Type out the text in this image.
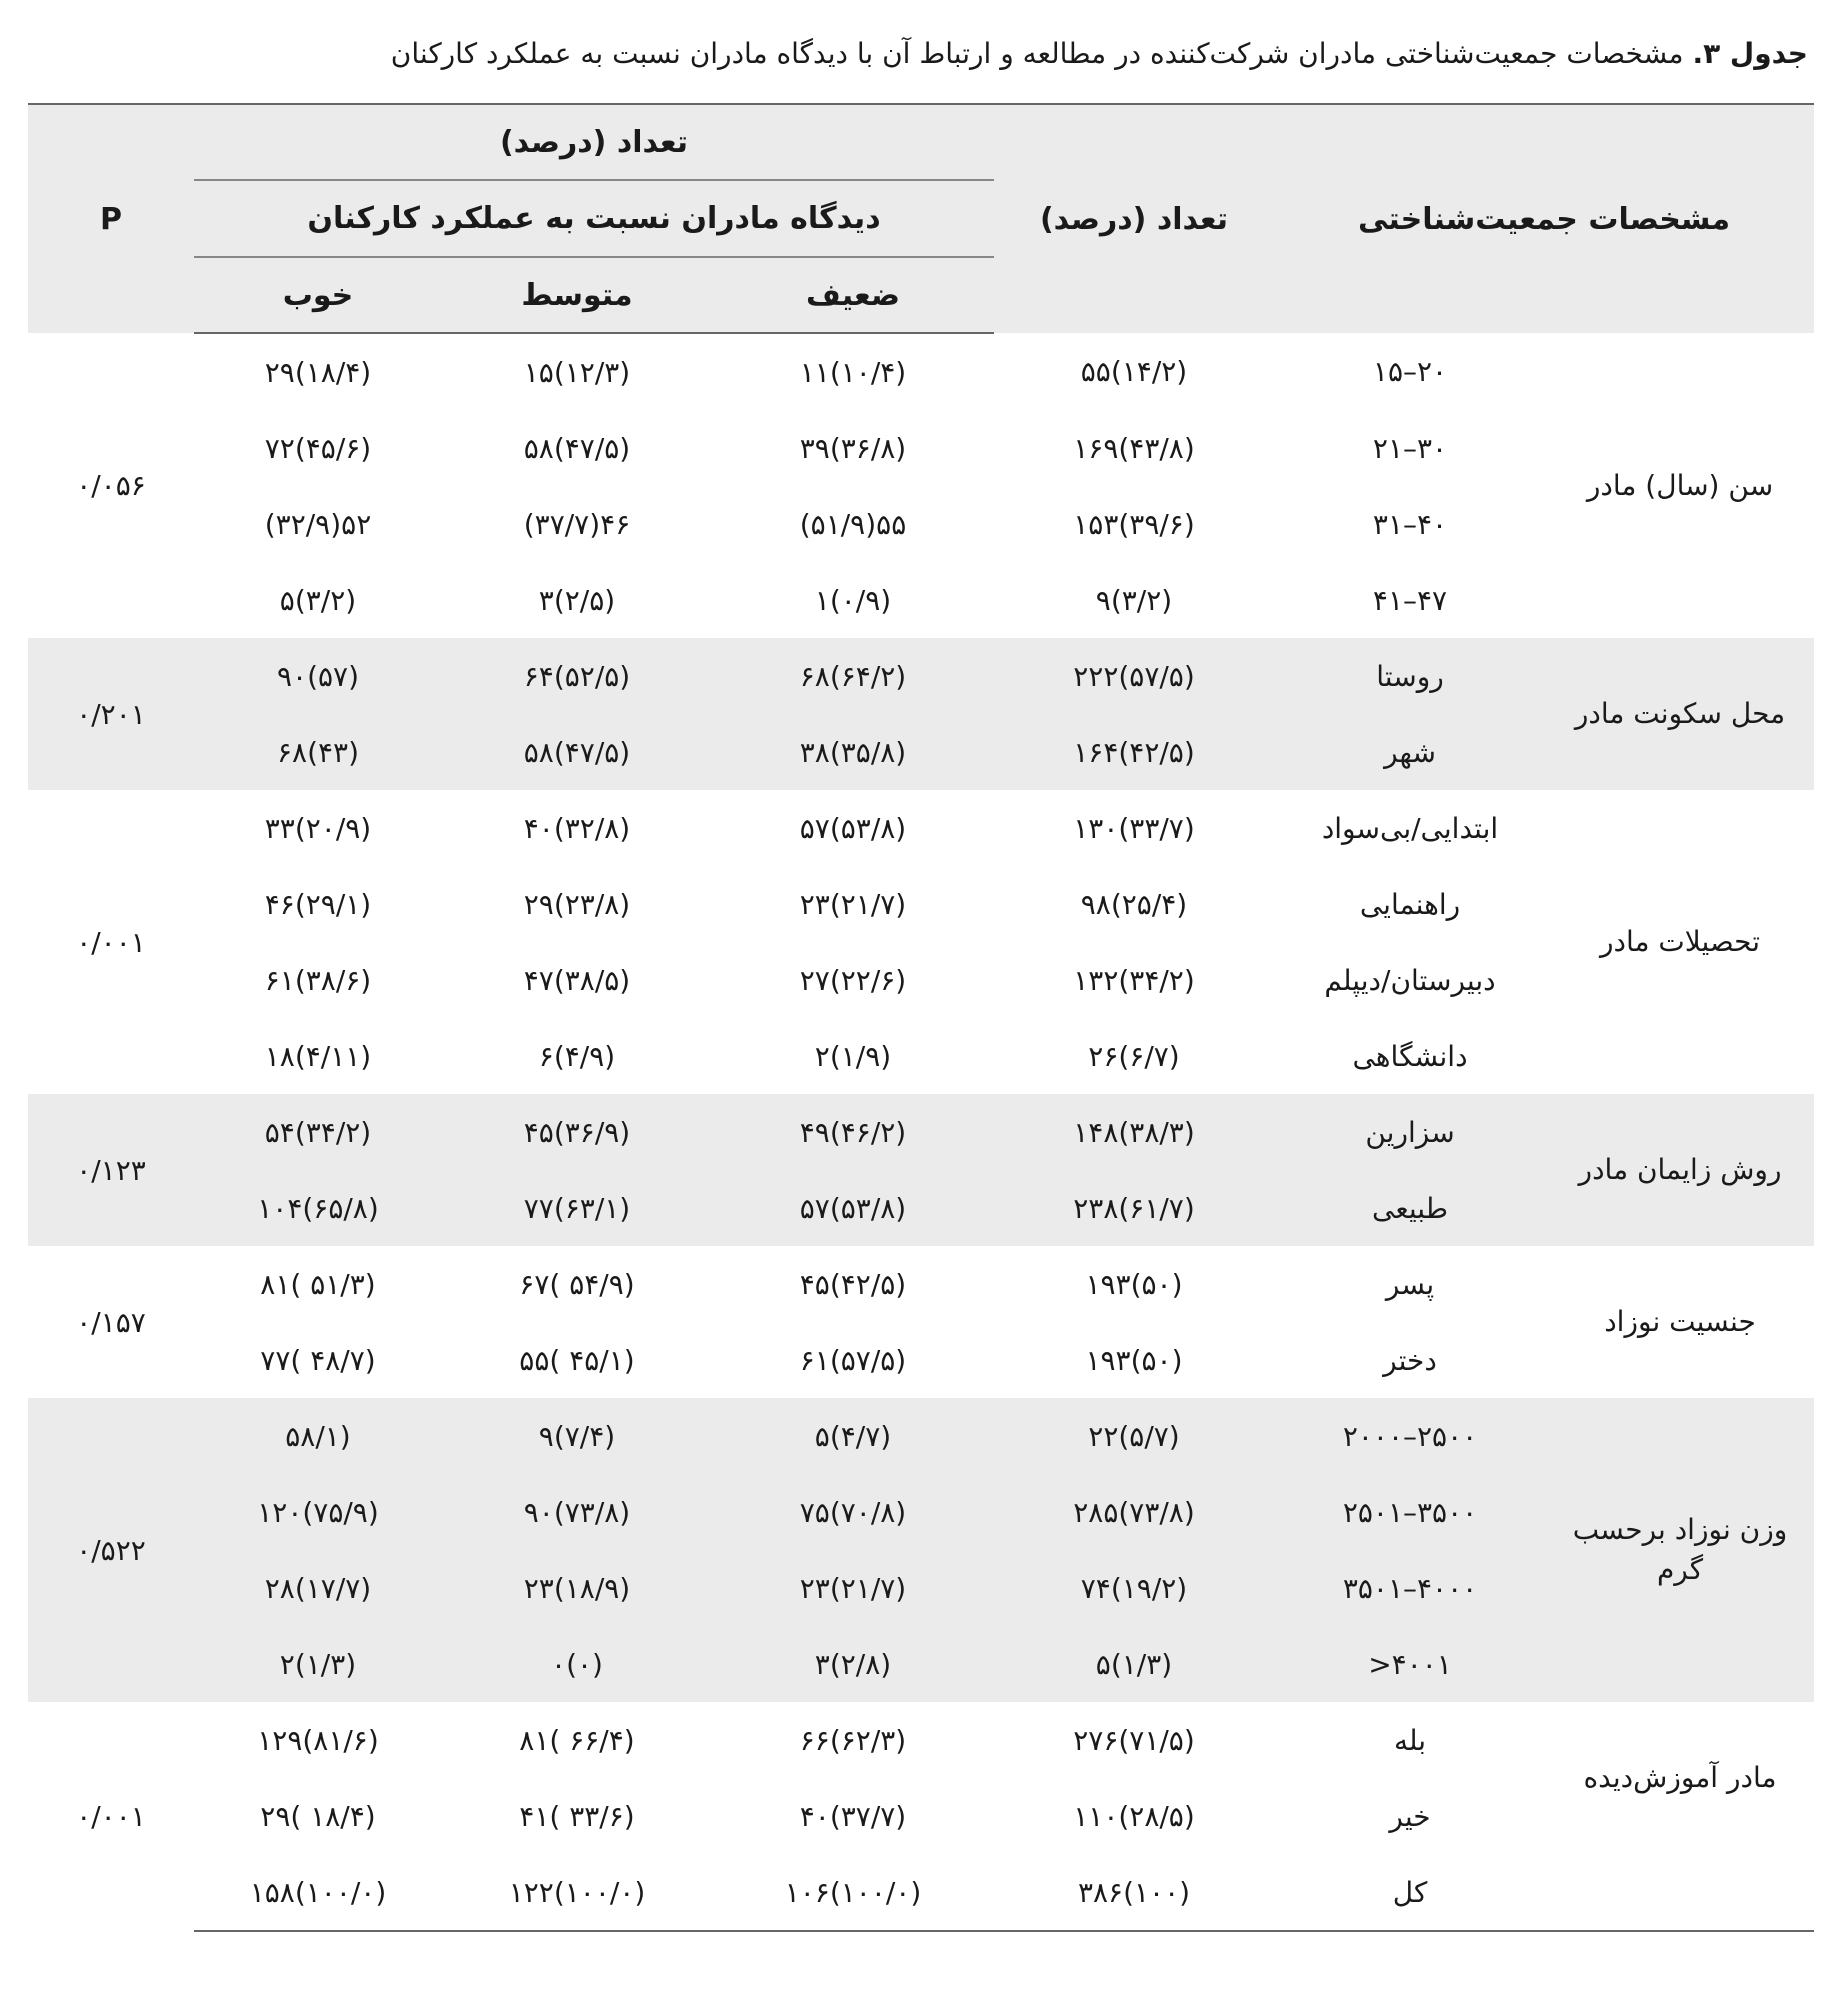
جدول ۳. مشخصات جمعیت‌شناختی مادران شرکت‌کننده در مطالعه و ارتباط آن با دیدگاه مادران نسبت به عملکرد کارکنان
مشخصات جمعیت‌شناختی		تعداد (درصد)	تعداد (درصد)			P
			دیدگاه مادران نسبت به عملکرد کارکنان			
			ضعیف	متوسط	خوب	
سن (سال) مادر	۲۰–۱۵	۵۵(۱۴/۲)	۱۱(۱۰/۴)	۱۵(۱۲/۳)	۲۹(۱۸/۴)	۰/۰۵۶
	۳۰–۲۱	۱۶۹(۴۳/۸)	۳۹(۳۶/۸)	۵۸(۴۷/۵)	۷۲(۴۵/۶)	
	۴۰–۳۱	۱۵۳(۳۹/۶)	(۵۱/۹)۵۵	(۳۷/۷)۴۶	(۳۲/۹)۵۲	
	۴۷–۴۱	۹(۳/۲)	۱(۰/۹)	۳(۲/۵)	۵(۳/۲)	
محل سکونت مادر	روستا	۲۲۲(۵۷/۵)	۶۸(۶۴/۲)	۶۴(۵۲/۵)	۹۰(۵۷)	۰/۲۰۱
	شهر	۱۶۴(۴۲/۵)	۳۸(۳۵/۸)	۵۸(۴۷/۵)	۶۸(۴۳)	
تحصیلات مادر	ابتدایی/بی‌سواد	۱۳۰(۳۳/۷)	۵۷(۵۳/۸)	۴۰(۳۲/۸)	۳۳(۲۰/۹)	۰/۰۰۱
	راهنمایی	۹۸(۲۵/۴)	۲۳(۲۱/۷)	۲۹(۲۳/۸)	۴۶(۲۹/۱)	
	دبیرستان/دیپلم	۱۳۲(۳۴/۲)	۲۷(۲۲/۶)	۴۷(۳۸/۵)	۶۱(۳۸/۶)	
	دانشگاهی	۲۶(۶/۷)	۲(۱/۹)	۶(۴/۹)	۱۸(۴/۱۱)	
روش زایمان مادر	سزارین	۱۴۸(۳۸/۳)	۴۹(۴۶/۲)	۴۵(۳۶/۹)	۵۴(۳۴/۲)	۰/۱۲۳
	طبیعی	۲۳۸(۶۱/۷)	۵۷(۵۳/۸)	۷۷(۶۳/۱)	۱۰۴(۶۵/۸)	
جنسیت نوزاد	پسر	۱۹۳(۵۰)	۴۵(۴۲/۵)	۶۷( ۵۴/۹)	۸۱( ۵۱/۳)	۰/۱۵۷
	دختر	۱۹۳(۵۰)	۶۱(۵۷/۵)	۵۵( ۴۵/۱)	۷۷( ۴۸/۷)	
وزن نوزاد برحسب گرم	۲۵۰۰–۲۰۰۰	۲۲(۵/۷)	۵(۴/۷)	۹(۷/۴)	۵۸/۱)	۰/۵۲۲
	۳۵۰۰–۲۵۰۱	۲۸۵(۷۳/۸)	۷۵(۷۰/۸)	۹۰(۷۳/۸)	۱۲۰(۷۵/۹)	
	۴۰۰۰–۳۵۰۱	۷۴(۱۹/۲)	۲۳(۲۱/۷)	۲۳(۱۸/۹)	۲۸(۱۷/۷)	
	۴۰۰۱<	۵(۱/۳)	۳(۲/۸)	۰(۰)	۲(۱/۳)	
مادر آموزش‌دیده	بله	۲۷۶(۷۱/۵)	۶۶(۶۲/۳)	۸۱( ۶۶/۴)	۱۲۹(۸۱/۶)	۰/۰۰۱
	خیر	۱۱۰(۲۸/۵)	۴۰(۳۷/۷)	۴۱( ۳۳/۶)	۲۹( ۱۸/۴)	
	کل	۳۸۶(۱۰۰)	۱۰۶(۱۰۰/۰)	۱۲۲(۱۰۰/۰)	۱۵۸(۱۰۰/۰)	
